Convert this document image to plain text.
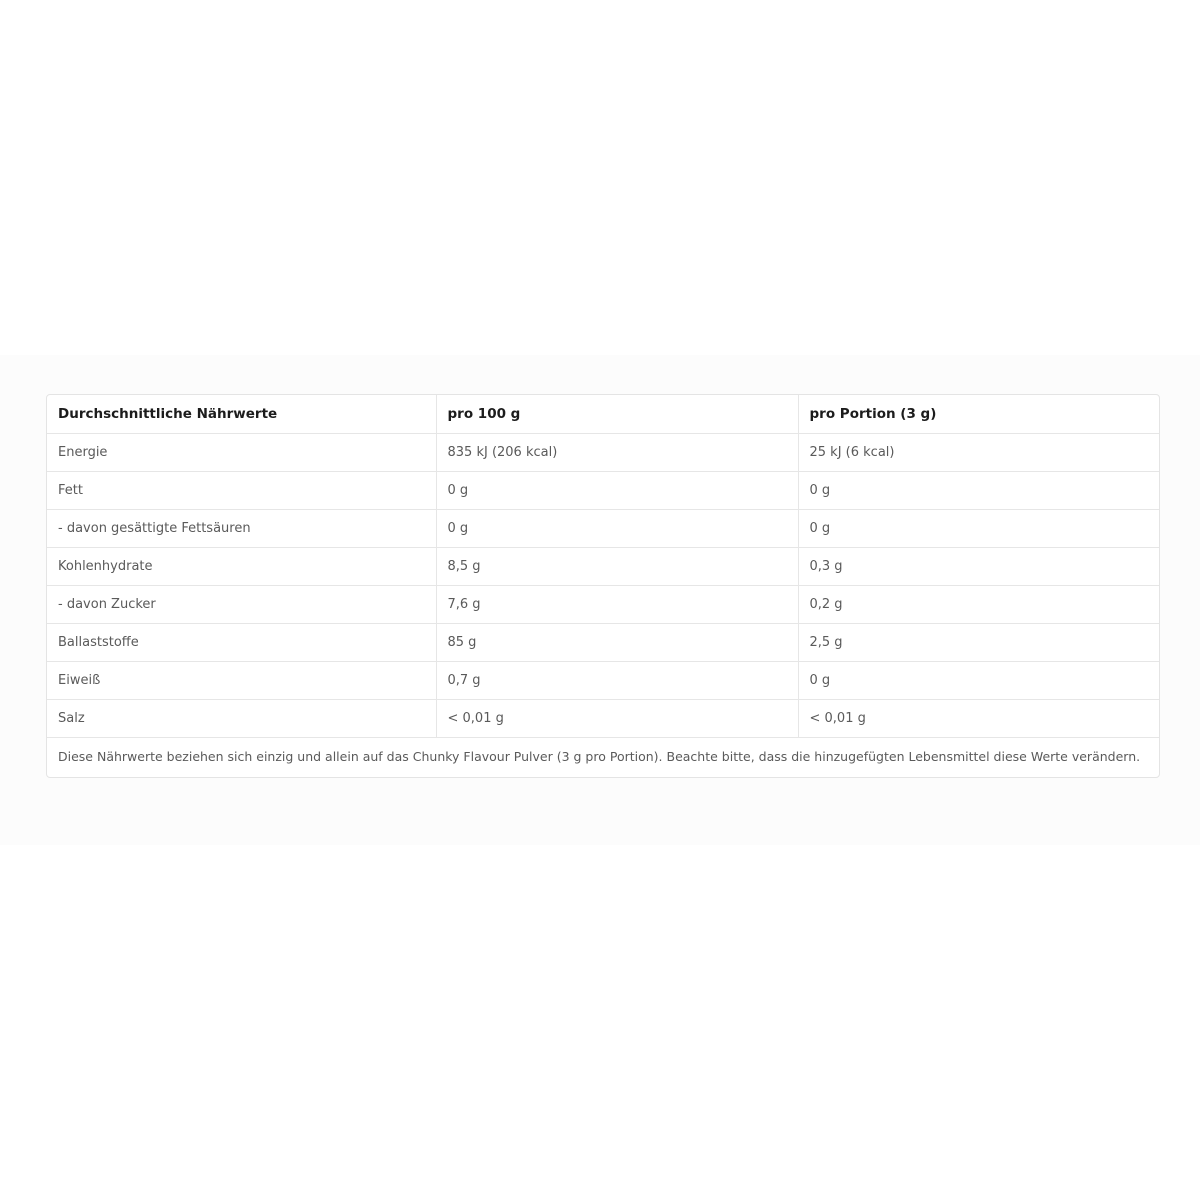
Durchschnittliche Nährwerte	pro 100 g	pro Portion (3 g)
Energie	835 kJ (206 kcal)	25 kJ (6 kcal)
Fett	0 g	0 g
- davon gesättigte Fettsäuren	0 g	0 g
Kohlenhydrate	8,5 g	0,3 g
- davon Zucker	7,6 g	0,2 g
Ballaststoffe	85 g	2,5 g
Eiweiß	0,7 g	0 g
Salz	< 0,01 g	< 0,01 g
Diese Nährwerte beziehen sich einzig und allein auf das Chunky Flavour Pulver (3 g pro Portion). Beachte bitte, dass die hinzugefügten Lebensmittel diese Werte verändern.
